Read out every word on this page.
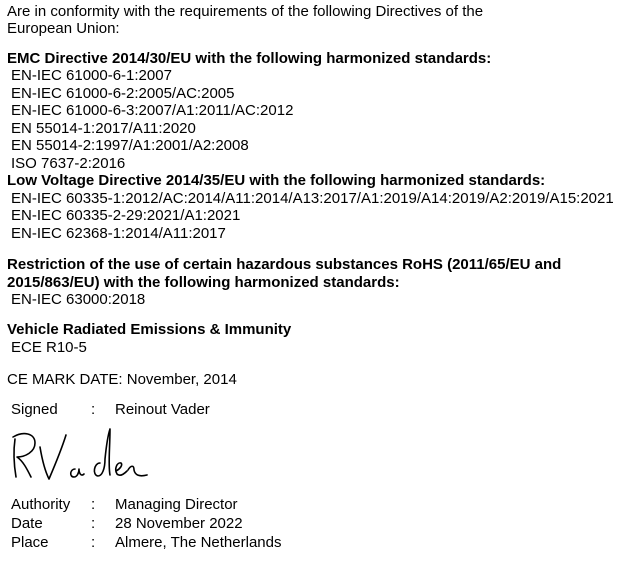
Are in conformity with the requirements of the following Directives of the
European Union:
EMC Directive 2014/30/EU with the following harmonized standards:
EN-IEC 61000-6-1:2007
EN-IEC 61000-6-2:2005/AC:2005
EN-IEC 61000-6-3:2007/A1:2011/AC:2012
EN 55014-1:2017/A11:2020
EN 55014-2:1997/A1:2001/A2:2008
ISO 7637-2:2016
Low Voltage Directive 2014/35/EU with the following harmonized standards:
EN-IEC 60335-1:2012/AC:2014/A11:2014/A13:2017/A1:2019/A14:2019/A2:2019/A15:2021
EN-IEC 60335-2-29:2021/A1:2021
EN-IEC 62368-1:2014/A11:2017
Restriction of the use of certain hazardous substances RoHS (2011/65/EU and
2015/863/EU) with the following harmonized standards:
EN-IEC 63000:2018
Vehicle Radiated Emissions & Immunity
ECE R10-5
CE MARK DATE: November, 2014
Signed : Reinout Vader
Authority : Managing Director
Date	: 28 November 2022
Place	: Almere, The Netherlands
